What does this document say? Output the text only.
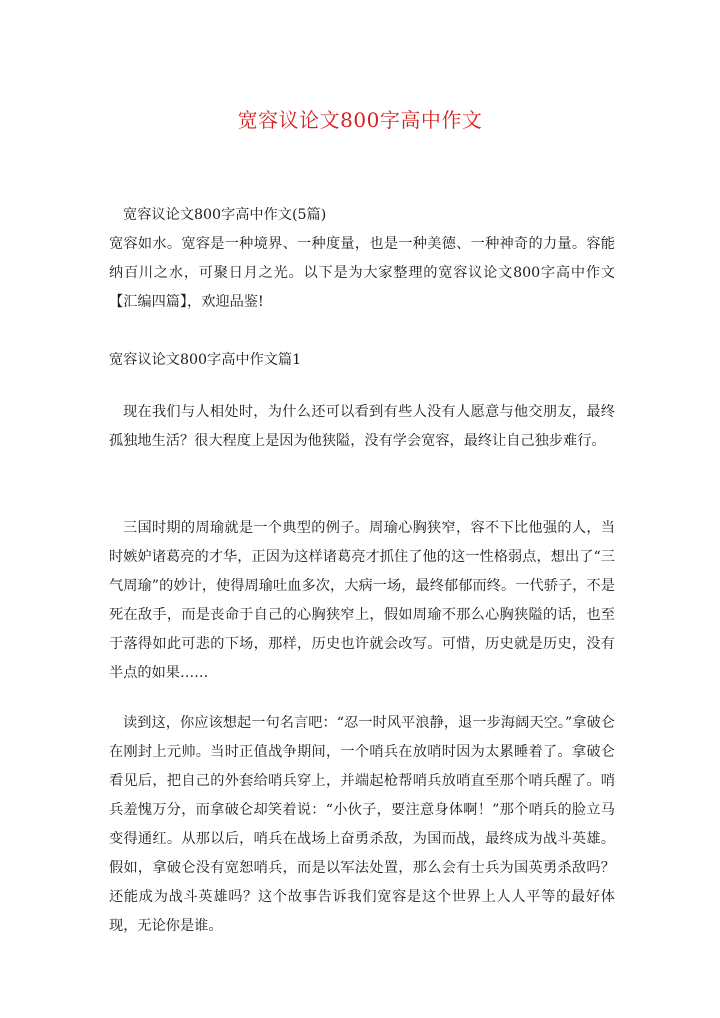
宽容议论文800字高中作文

宽容议论文800字高中作文(5篇)

宽容如水。宽容是一种境界、一种度量，也是一种美德、一种神奇的力量。容能纳百川之水，可聚日月之光。以下是为大家整理的宽容议论文800字高中作文【汇编四篇】，欢迎品鉴!

宽容议论文800字高中作文篇1

现在我们与人相处时，为什么还可以看到有些人没有人愿意与他交朋友，最终孤独地生活？很大程度上是因为他狭隘，没有学会宽容，最终让自己独步难行。

三国时期的周瑜就是一个典型的例子。周瑜心胸狭窄，容不下比他强的人，当时嫉妒诸葛亮的才华，正因为这样诸葛亮才抓住了他的这一性格弱点，想出了“三气周瑜”的妙计，使得周瑜吐血多次，大病一场，最终郁郁而终。一代骄子，不是死在敌手，而是丧命于自己的心胸狭窄上，假如周瑜不那么心胸狭隘的话，也至于落得如此可悲的下场，那样，历史也许就会改写。可惜，历史就是历史，没有半点的如果……

读到这，你应该想起一句名言吧：“忍一时风平浪静，退一步海阔天空。”拿破仑在刚封上元帅。当时正值战争期间，一个哨兵在放哨时因为太累睡着了。拿破仑看见后，把自己的外套给哨兵穿上，并端起枪帮哨兵放哨直至那个哨兵醒了。哨兵羞愧万分，而拿破仑却笑着说：“小伙子，要注意身体啊！”那个哨兵的脸立马变得通红。从那以后，哨兵在战场上奋勇杀敌，为国而战，最终成为战斗英雄。假如，拿破仑没有宽恕哨兵，而是以军法处置，那么会有士兵为国英勇杀敌吗？还能成为战斗英雄吗？这个故事告诉我们宽容是这个世界上人人平等的最好体现，无论你是谁。
